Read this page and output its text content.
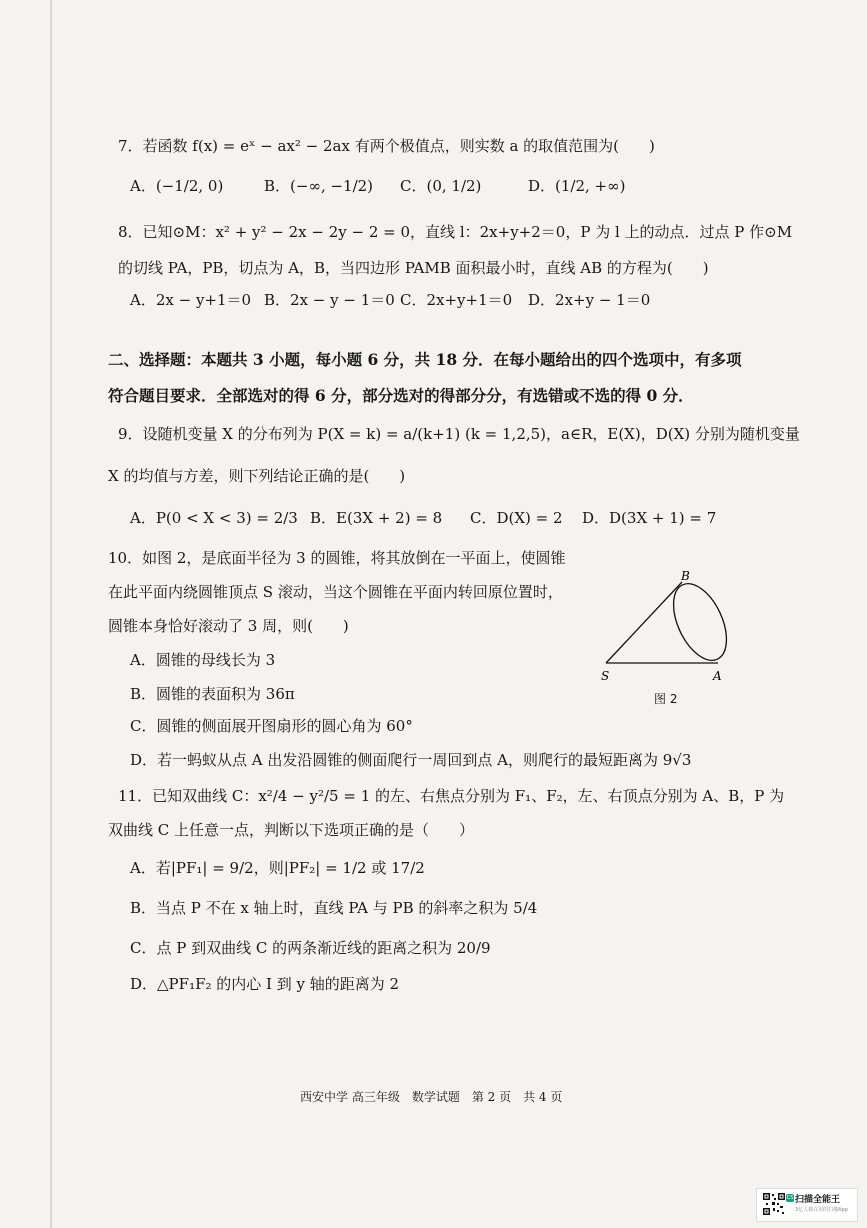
7．若函数 f(x) = eˣ − ax² − 2ax 有两个极值点，则实数 a 的取值范围为(　　)
A．(−1/2, 0)	B．(−∞, −1/2) C．(0, 1/2)	D．(1/2, +∞)
8．已知⊙M：x² + y² − 2x − 2y − 2 = 0，直线 l：2x+y+2＝0，P 为 l 上的动点．过点 P 作⊙M
的切线 PA，PB，切点为 A，B，当四边形 PAMB 面积最小时，直线 AB 的方程为(　　)
A．2x − y+1＝0 B．2x − y − 1＝0 C．2x+y+1＝0 D．2x+y − 1＝0
二、选择题：本题共 3 小题，每小题 6 分，共 18 分．在每小题给出的四个选项中，有多项
符合题目要求．全部选对的得 6 分，部分选对的得部分分，有选错或不选的得 0 分．
9．设随机变量 X 的分布列为 P(X = k) = a/(k+1) (k = 1,2,5)，a∈R，E(X)，D(X) 分别为随机变量
X 的均值与方差，则下列结论正确的是(　　)
A．P(0 < X < 3) = 2/3 B．E(3X + 2) = 8 C．D(X) = 2 D．D(3X + 1) = 7
10．如图 2，是底面半径为 3 的圆锥，将其放倒在一平面上，使圆锥
在此平面内绕圆锥顶点 S 滚动，当这个圆锥在平面内转回原位置时，
圆锥本身恰好滚动了 3 周，则(　　)
A．圆锥的母线长为 3
B．圆锥的表面积为 36π
C．圆锥的侧面展开图扇形的圆心角为 60°
D．若一蚂蚁从点 A 出发沿圆锥的侧面爬行一周回到点 A，则爬行的最短距离为 9√3
B
S	A
图 2
11．已知双曲线 C：x²/4 − y²/5 = 1 的左、右焦点分别为 F₁、F₂，左、右顶点分别为 A、B，P 为
双曲线 C 上任意一点，判断以下选项正确的是（　　）
A．若|PF₁| = 9/2，则|PF₂| = 1/2 或 17/2
B．当点 P 不在 x 轴上时，直线 PA 与 PB 的斜率之积为 5/4
C．点 P 到双曲线 C 的两条渐近线的距离之积为 20/9
D．△PF₁F₂ 的内心 I 到 y 轴的距离为 2
西安中学 高三年级　数学试题　第 2 页　共 4 页
CS 扫描全能王
3亿人都在用的扫描App
